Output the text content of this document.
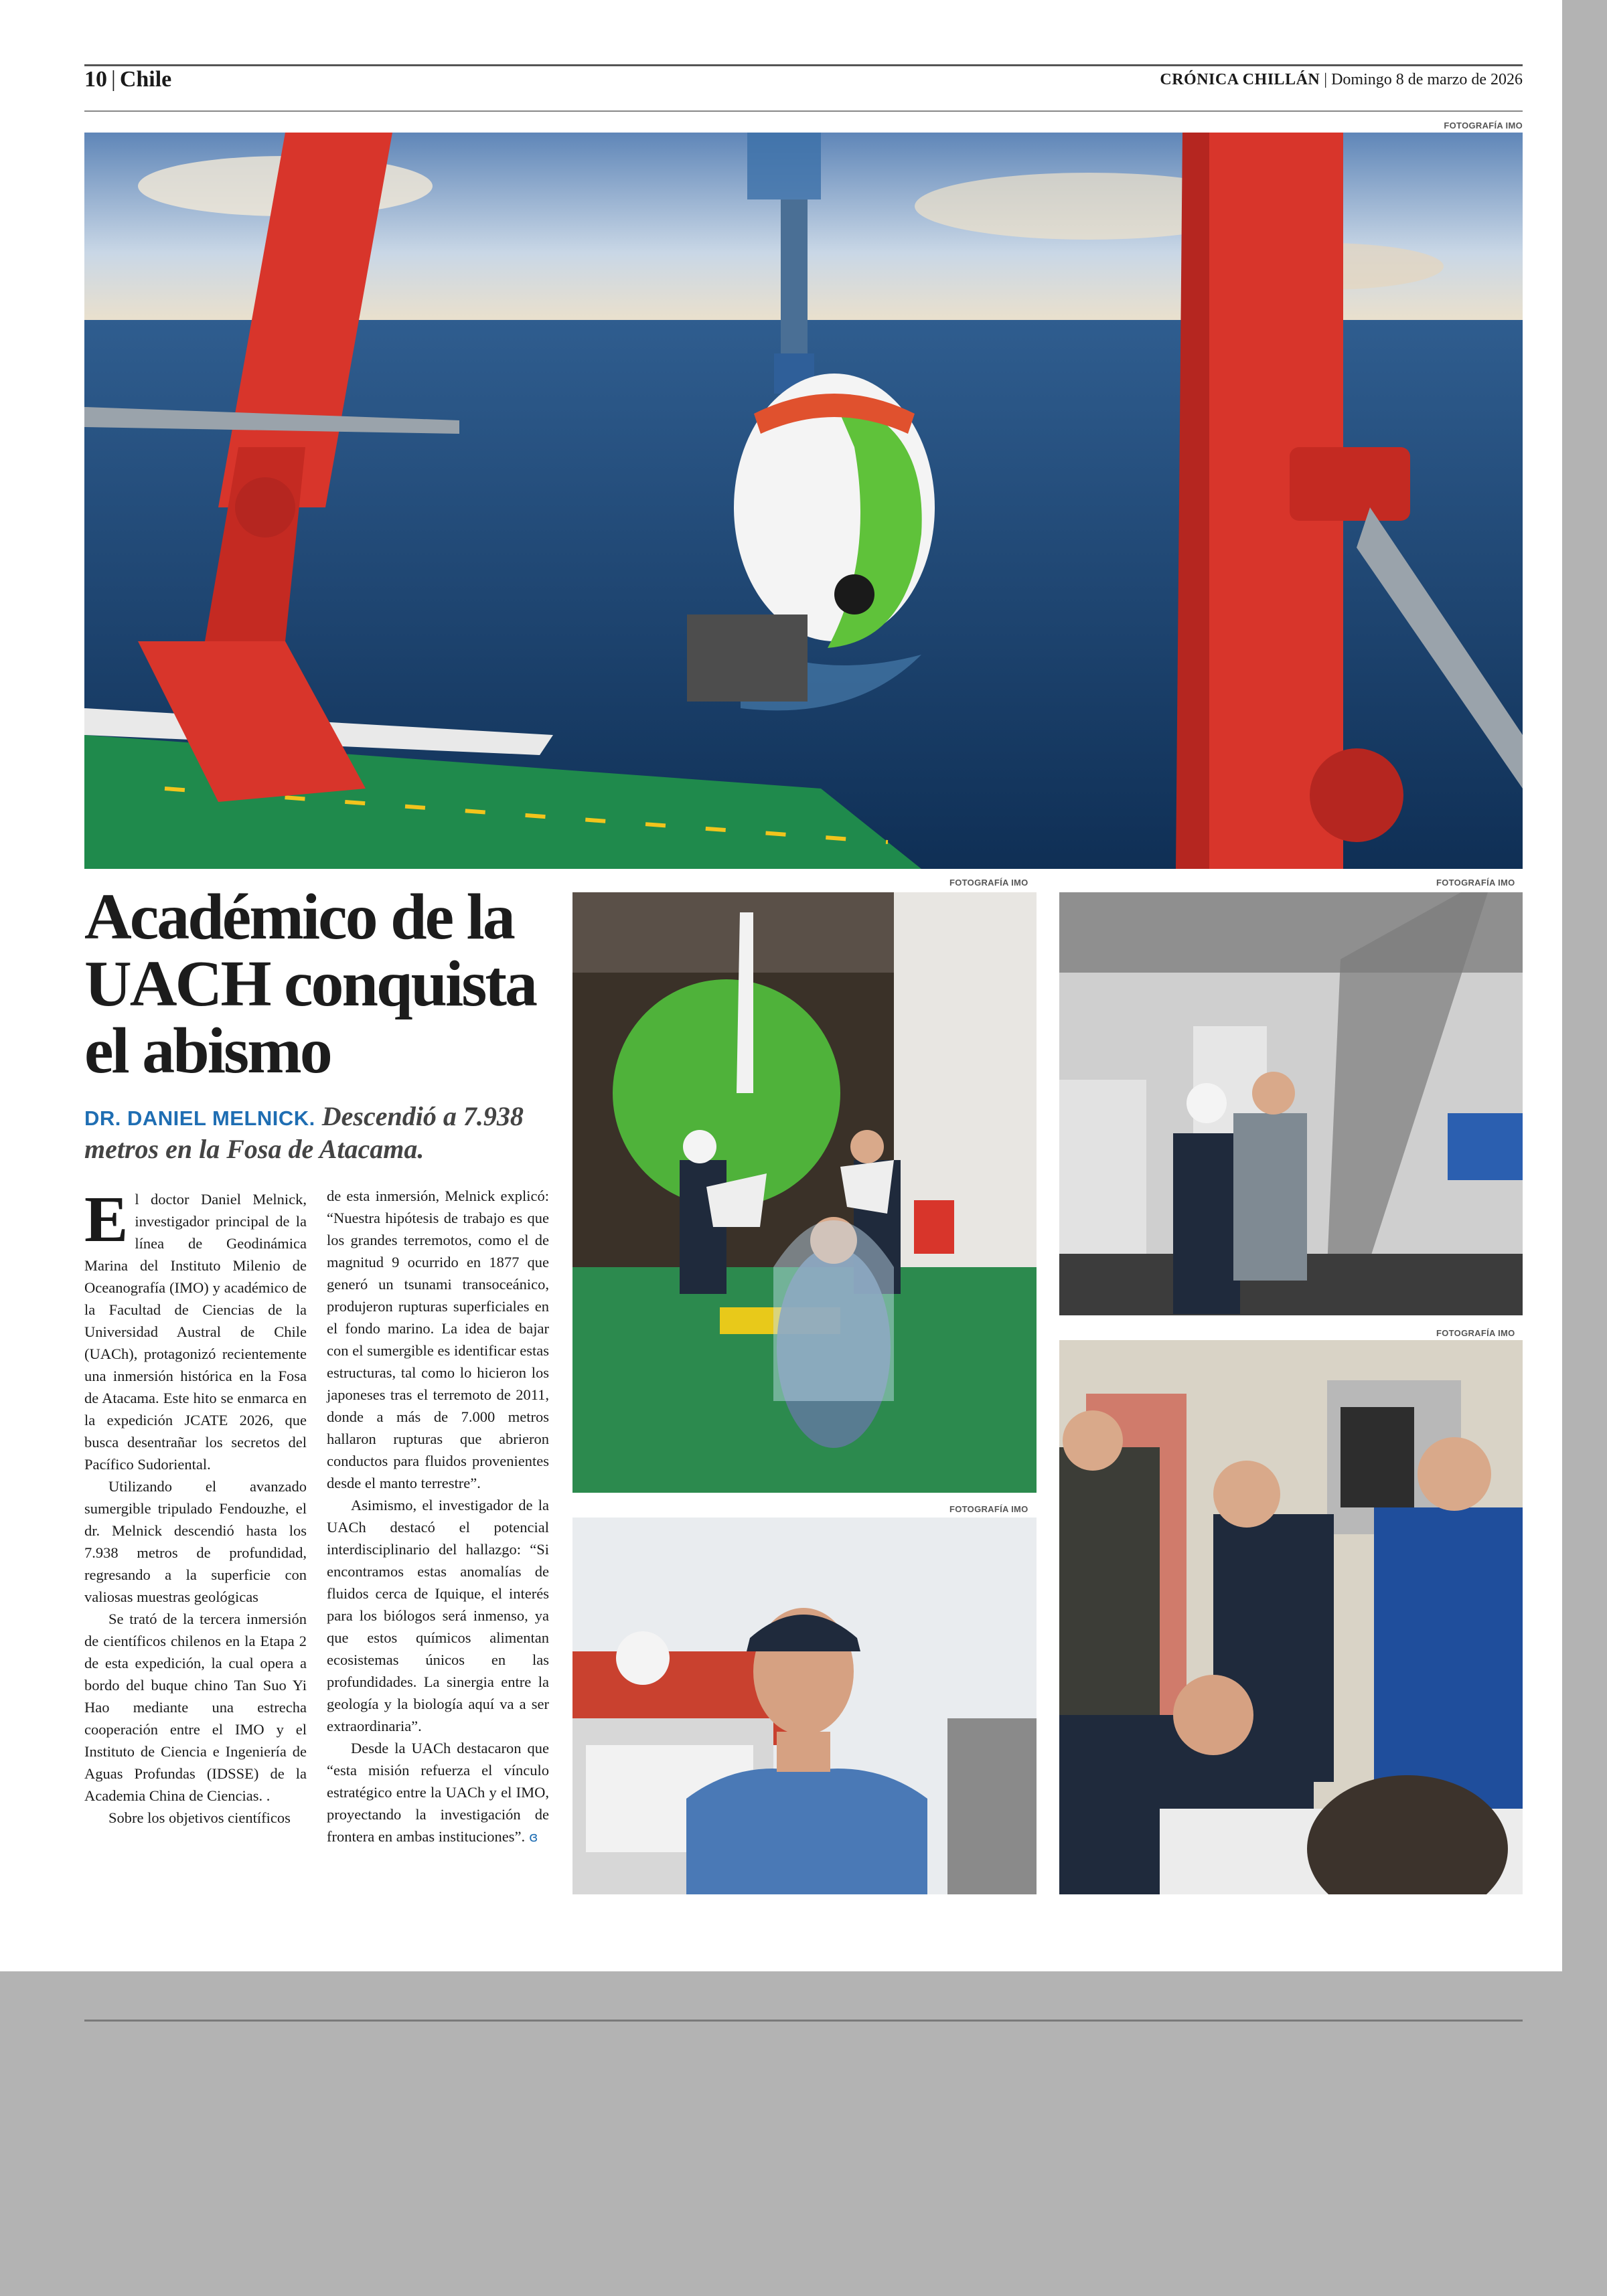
10 | Chile	CRÓNICA CHILLÁN | Domingo 8 de marzo de 2026
FOTOGRAFÍA IMO
Académico de la UACH conquista el abismo
DR. DANIEL MELNICK. Descendió a 7.938 metros en la Fosa de Atacama.

El doctor Daniel Melnick, investigador principal de la línea de Geodinámica Marina del Instituto Milenio de Oceanografía (IMO) y académico de la Facultad de Ciencias de la Universidad Austral de Chile (UACh), protagonizó recientemente una inmersión histórica en la Fosa de Atacama. Este hito se enmarca en la expedición JCATE 2026, que busca desentrañar los secretos del Pacífico Sudoriental.

Utilizando el avanzado sumergible tripulado Fendouzhe, el dr. Melnick descendió hasta los 7.938 metros de profundidad, regresando a la superficie con valiosas muestras geológicas

Se trató de la tercera inmersión de científicos chilenos en la Etapa 2 de esta expedición, la cual opera a bordo del buque chino Tan Suo Yi Hao mediante una estrecha cooperación entre el IMO y el Instituto de Ciencia e Ingeniería de Aguas Profundas (IDSSE) de la Academia China de Ciencias. .

Sobre los objetivos científicos

de esta inmersión, Melnick explicó: “Nuestra hipótesis de trabajo es que los grandes terremotos, como el de magnitud 9 ocurrido en 1877 que generó un tsunami transoceánico, produjeron rupturas superficiales en el fondo marino. La idea de bajar con el sumergible es identificar estas estructuras, tal como lo hicieron los japoneses tras el terremoto de 2011, donde a más de 7.000 metros hallaron rupturas que abrieron conductos para fluidos provenientes desde el manto terrestre”.

Asimismo, el investigador de la UACh destacó el potencial interdisciplinario del hallazgo: “Si encontramos estas anomalías de fluidos cerca de Iquique, el interés para los biólogos será inmenso, ya que estos químicos alimentan ecosistemas únicos en las profundidades. La sinergia entre la geología y la biología aquí va a ser extraordinaria”.

Desde la UACh destacaron que “esta misión refuerza el vínculo estratégico entre la UACh y el IMO, proyectando la investigación de frontera en ambas instituciones”. ɞ

FOTOGRAFÍA IMO	FOTOGRAFÍA IMO
FOTOGRAFÍA IMO
FOTOGRAFÍA IMO
